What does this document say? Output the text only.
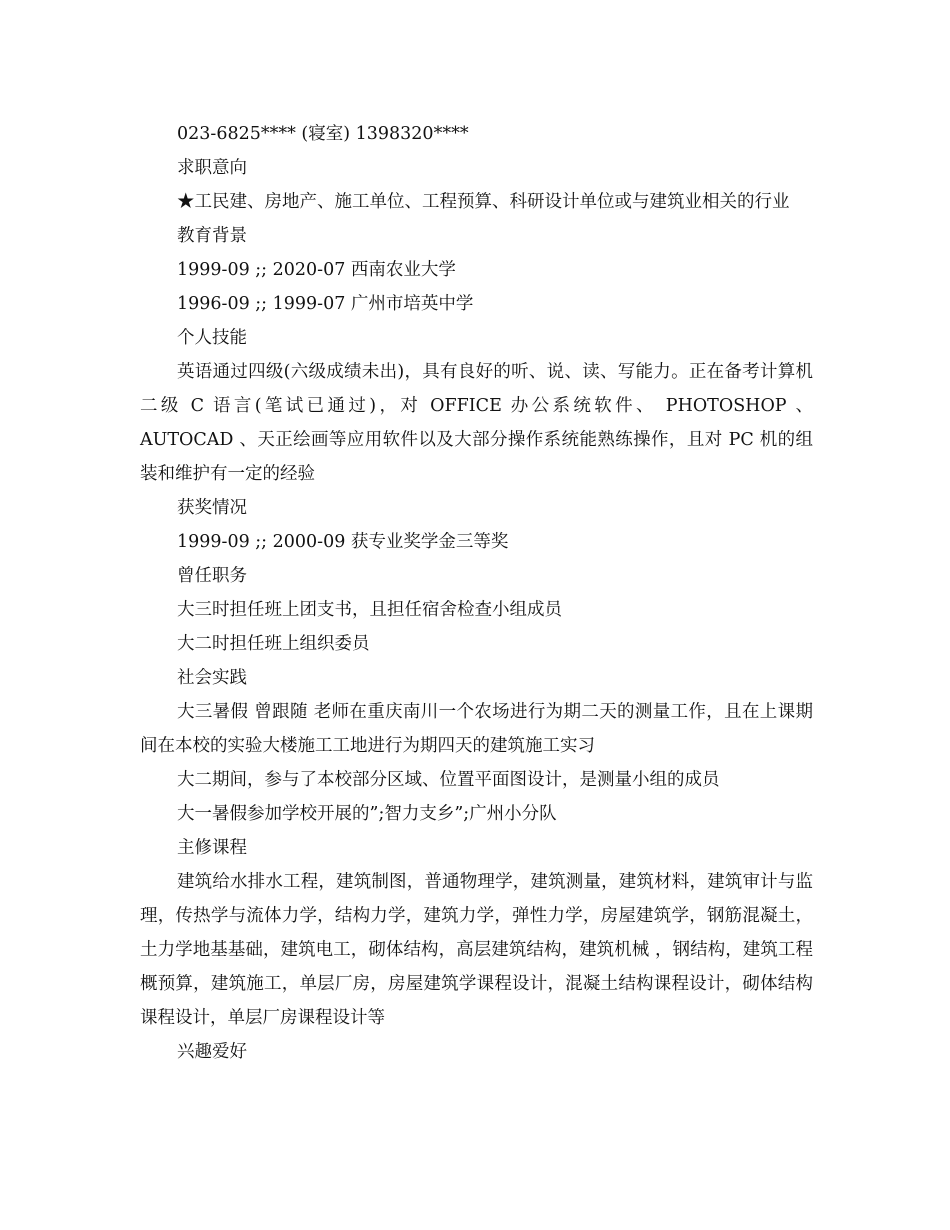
023-6825**** (寝室) 1398320****

求职意向

★工民建、房地产、施工单位、工程预算、科研设计单位或与建筑业相关的行业

教育背景

1999-09 ;; 2020-07 西南农业大学

1996-09 ;; 1999-07 广州市培英中学

个人技能

英语通过四级(六级成绩未出)，具有良好的听、说、读、写能力。正在备考计算机二级 C 语言(笔试已通过)，对 OFFICE 办公系统软件、 PHOTOSHOP 、AUTOCAD 、天正绘画等应用软件以及大部分操作系统能熟练操作，且对 PC 机的组装和维护有一定的经验

获奖情况

1999-09 ;; 2000-09 获专业奖学金三等奖

曾任职务

大三时担任班上团支书，且担任宿舍检查小组成员

大二时担任班上组织委员

社会实践

大三暑假 曾跟随 老师在重庆南川一个农场进行为期二天的测量工作，且在上课期间在本校的实验大楼施工工地进行为期四天的建筑施工实习

大二期间，参与了本校部分区域、位置平面图设计，是测量小组的成员

大一暑假参加学校开展的”;智力支乡”;广州小分队

主修课程

建筑给水排水工程，建筑制图，普通物理学，建筑测量，建筑材料，建筑审计与监理，传热学与流体力学，结构力学，建筑力学，弹性力学，房屋建筑学，钢筋混凝土，土力学地基基础，建筑电工，砌体结构，高层建筑结构，建筑机械 ，钢结构，建筑工程概预算，建筑施工，单层厂房，房屋建筑学课程设计，混凝土结构课程设计，砌体结构课程设计，单层厂房课程设计等

兴趣爱好
